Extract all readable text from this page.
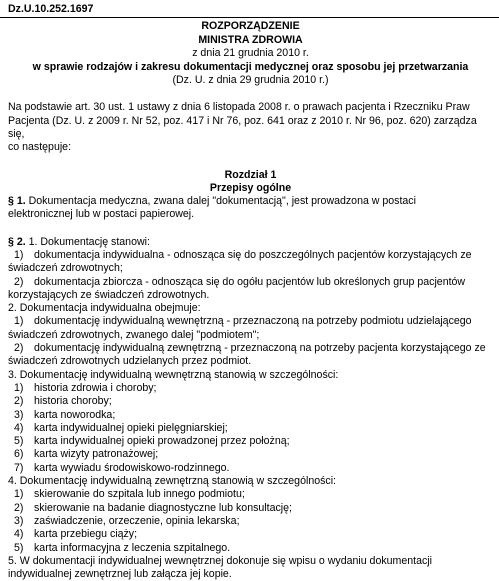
Dz.U.10.252.1697
ROZPORZĄDZENIE
MINISTRA ZDROWIA
z dnia 21 grudnia 2010 r.
w sprawie rodzajów i zakresu dokumentacji medycznej oraz sposobu jej przetwarzania
(Dz. U. z dnia 29 grudnia 2010 r.)
Na podstawie art. 30 ust. 1 ustawy z dnia 6 listopada 2008 r. o prawach pacjenta i Rzeczniku Praw
Pacjenta (Dz. U. z 2009 r. Nr 52, poz. 417 i Nr 76, poz. 641 oraz z 2010 r. Nr 96, poz. 620) zarządza się,
co następuje:
Rozdział 1
Przepisy ogólne
§ 1. Dokumentacja medyczna, zwana dalej "dokumentacją", jest prowadzona w postaci
elektronicznej lub w postaci papierowej.
§ 2. 1. Dokumentację stanowi:
1) dokumentacja indywidualna - odnosząca się do poszczególnych pacjentów korzystających ze
świadczeń zdrowotnych;
2) dokumentacja zbiorcza - odnosząca się do ogółu pacjentów lub określonych grup pacjentów
korzystających ze świadczeń zdrowotnych.
2. Dokumentacja indywidualna obejmuje:
1) dokumentację indywidualną wewnętrzną - przeznaczoną na potrzeby podmiotu udzielającego
świadczeń zdrowotnych, zwanego dalej "podmiotem";
2) dokumentację indywidualną zewnętrzną - przeznaczoną na potrzeby pacjenta korzystającego ze
świadczeń zdrowotnych udzielanych przez podmiot.
3. Dokumentację indywidualną wewnętrzną stanowią w szczególności:
1) historia zdrowia i choroby;
2) historia choroby;
3) karta noworodka;
4) karta indywidualnej opieki pielęgniarskiej;
5) karta indywidualnej opieki prowadzonej przez położną;
6) karta wizyty patronażowej;
7) karta wywiadu środowiskowo-rodzinnego.
4. Dokumentację indywidualną zewnętrzną stanowią w szczególności:
1) skierowanie do szpitala lub innego podmiotu;
2) skierowanie na badanie diagnostyczne lub konsultację;
3) zaświadczenie, orzeczenie, opinia lekarska;
4) karta przebiegu ciąży;
5) karta informacyjna z leczenia szpitalnego.
5. W dokumentacji indywidualnej wewnętrznej dokonuje się wpisu o wydaniu dokumentacji
indywidualnej zewnętrznej lub załącza jej kopie.
